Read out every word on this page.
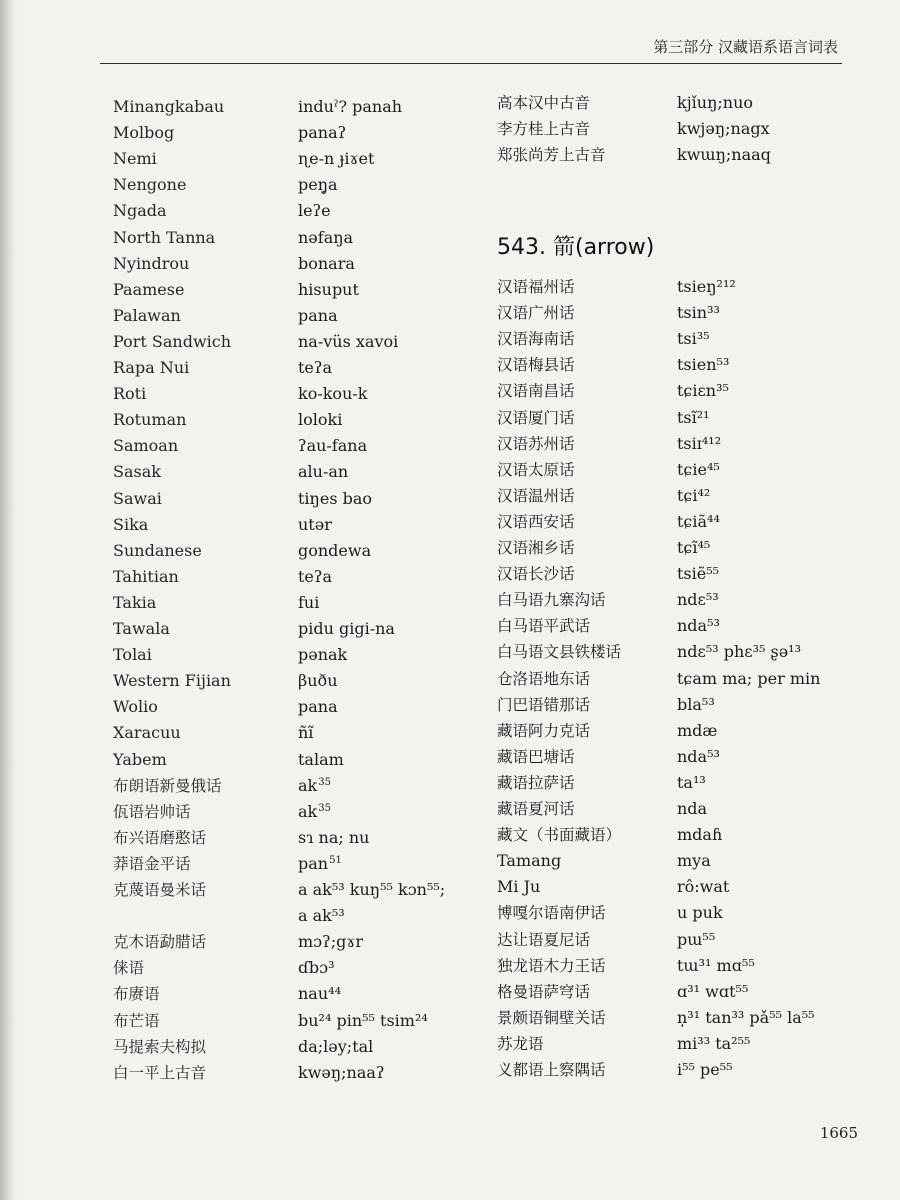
第三部分 汉藏语系语言词表
Minangkabau	induˀ? panah
Molbog	panaʔ
Nemi	ɳe-n ɟiɤet
Nengone	peŋ̥a
Ngada	leʔe
North Tanna	nəfaŋa
Nyindrou	bonara
Paamese	hisuput
Palawan	pana
Port Sandwich	na-vüs xavoi
Rapa Nui	teʔa
Roti	ko-kou-k
Rotuman	loloki
Samoan	ʔau-fana
Sasak	alu-an
Sawai	tiŋes bao
Sika	utər
Sundanese	gondewa
Tahitian	teʔa
Takia	fui
Tawala	pidu gigi-na
Tolai	pənak
Western Fijian	βuðu
Wolio	pana
Xaracuu	ñĩ
Yabem	talam
布朗语新曼俄话	$ak^{35}$
佤语岩帅话	$ak^{35}$
布兴语磨憨话	sɿ na; nu
莽语金平话	pan$^{51}$
克蔑语曼米话	a ak⁵³ kuŋ⁵⁵ kɔn⁵⁵;
a ak⁵³
克木语勐腊话	mɔʔ;gɤr
俫语	ɗbɔ³
布赓语	nau⁴⁴
布芒语	bu²⁴ pin⁵⁵ tsim²⁴
马提索夫构拟	da;ləy;tal
白一平上古音	kwəŋ;naaʔ
高本汉中古音	kjǐuŋ;nuo
李方桂上古音	kwjəŋ;nagx
郑张尚芳上古音	kwɯŋ;naaq
543. 箭(arrow)
汉语福州话	tsieŋ²¹²
汉语广州话	tsin³³
汉语海南话	tsi³⁵
汉语梅县话	tsien⁵³
汉语南昌话	tɕiɛn³⁵
汉语厦门话	tsĩ²¹
汉语苏州话	tsiɪ⁴¹²
汉语太原话	tɕie⁴⁵
汉语温州话	tɕi⁴²
汉语西安话	tɕiã⁴⁴
汉语湘乡话	tɕĩ⁴⁵
汉语长沙话	tsiẽ⁵⁵
白马语九寨沟话	ndɛ⁵³
白马语平武话	nda⁵³
白马语文县铁楼话	ndɛ⁵³ phɛ³⁵ ʂə¹³
仓洛语地东话	tɕam ma; per min
门巴语错那话	bla⁵³
藏语阿力克话	mdæ
藏语巴塘话	nda⁵³
藏语拉萨话	ta¹³
藏语夏河话	nda
藏文（书面藏语）	mdaɦ
Tamang	mya
Mi Ju	rô:wat
博嘎尔语南伊话	u puk
达让语夏尼话	pɯ⁵⁵
独龙语木力王话	tɯ³¹ mɑ⁵⁵
格曼语萨穹话	ɑ³¹ wɑt⁵⁵
景颇语铜壁关话	n̩³¹ tan³³ pǎ⁵⁵ la⁵⁵
苏龙语	mi³³ ta²⁵⁵
义都语上察隅话	i⁵⁵ pe⁵⁵
1665
